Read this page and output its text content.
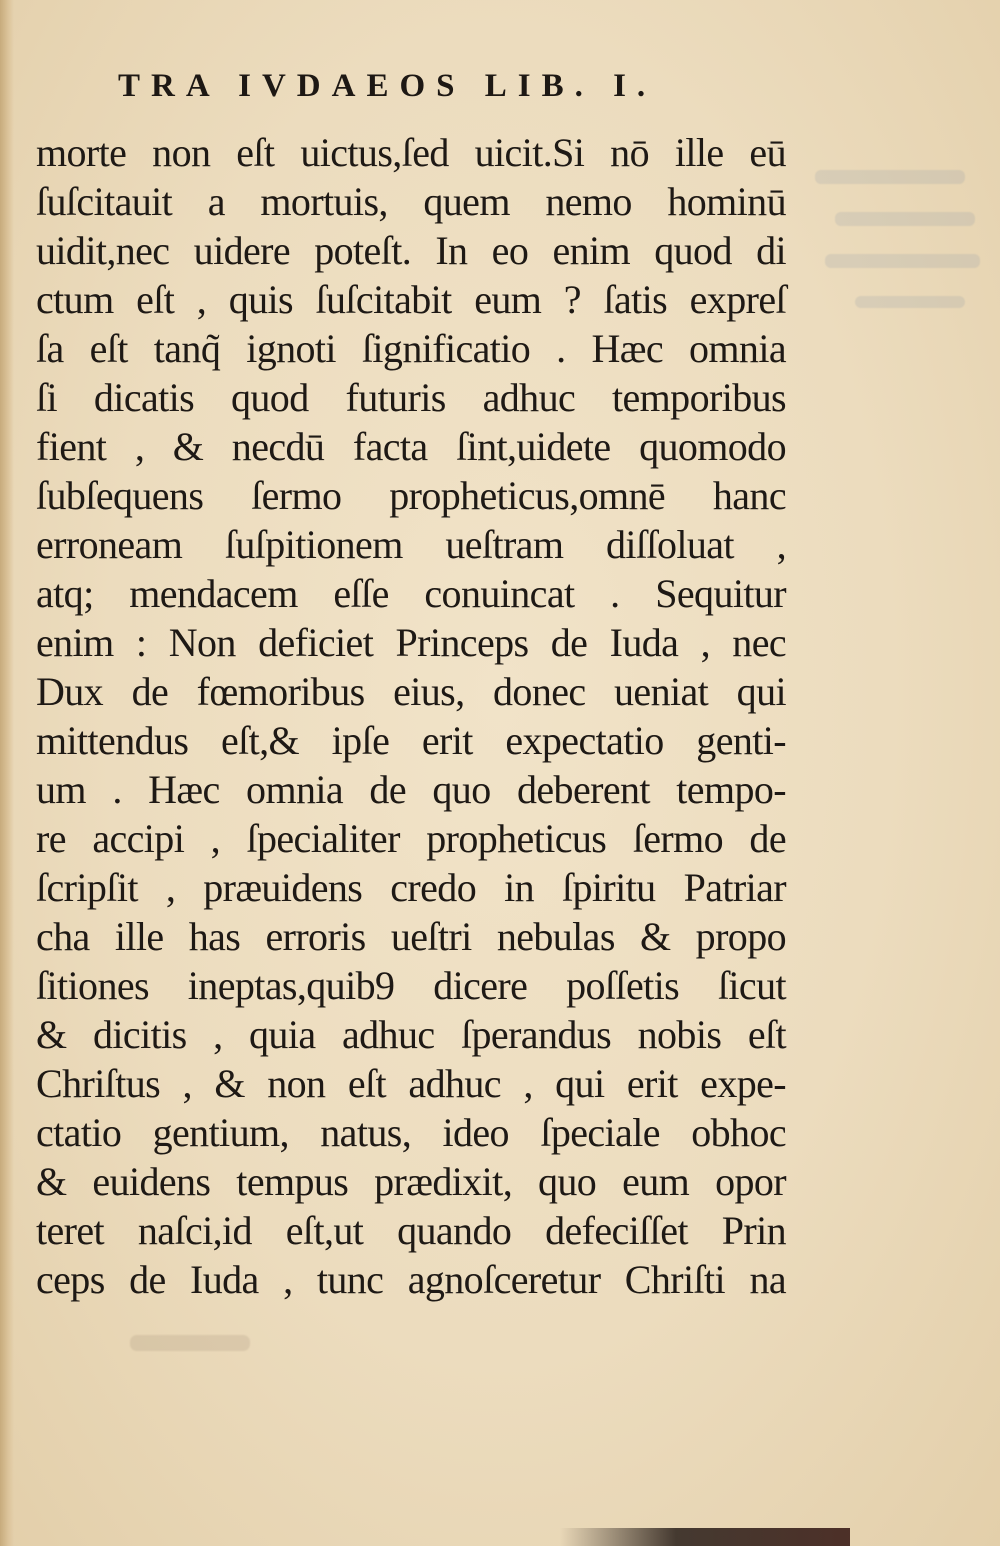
TRA IVDAEOS LIB. I.
morte non eſt uictus,ſed uicit.Si nō ille eū
ſuſcitauit a mortuis, quem nemo hominū
uidit,nec uidere poteſt. In eo enim quod di
ctum eſt , quis ſuſcitabit eum ? ſatis expreſ
ſa eſt tanq̃ ignoti ſignificatio . Hæc omnia
ſi dicatis quod futuris adhuc temporibus
fient , & necdū facta ſint,uidete quomodo
ſubſequens ſermo propheticus,omnē hanc
erroneam ſuſpitionem ueſtram diſſoluat ,
atq; mendacem eſſe conuincat . Sequitur
enim : Non deficiet Princeps de Iuda , nec
Dux de fœmoribus eius, donec ueniat qui
mittendus eſt,& ipſe erit expectatio genti-
um . Hæc omnia de quo deberent tempo-
re accipi , ſpecialiter propheticus ſermo de
ſcripſit , præuidens credo in ſpiritu Patriar
cha ille has erroris ueſtri nebulas & propo
ſitiones ineptas,quib9 dicere poſſetis ſicut
& dicitis , quia adhuc ſperandus nobis eſt
Chriſtus , & non eſt adhuc , qui erit expe-
ctatio gentium, natus, ideo ſpeciale obhoc
& euidens tempus prædixit, quo eum opor
teret naſci,id eſt,ut quando defeciſſet Prin
ceps de Iuda , tunc agnoſceretur Chriſti na
